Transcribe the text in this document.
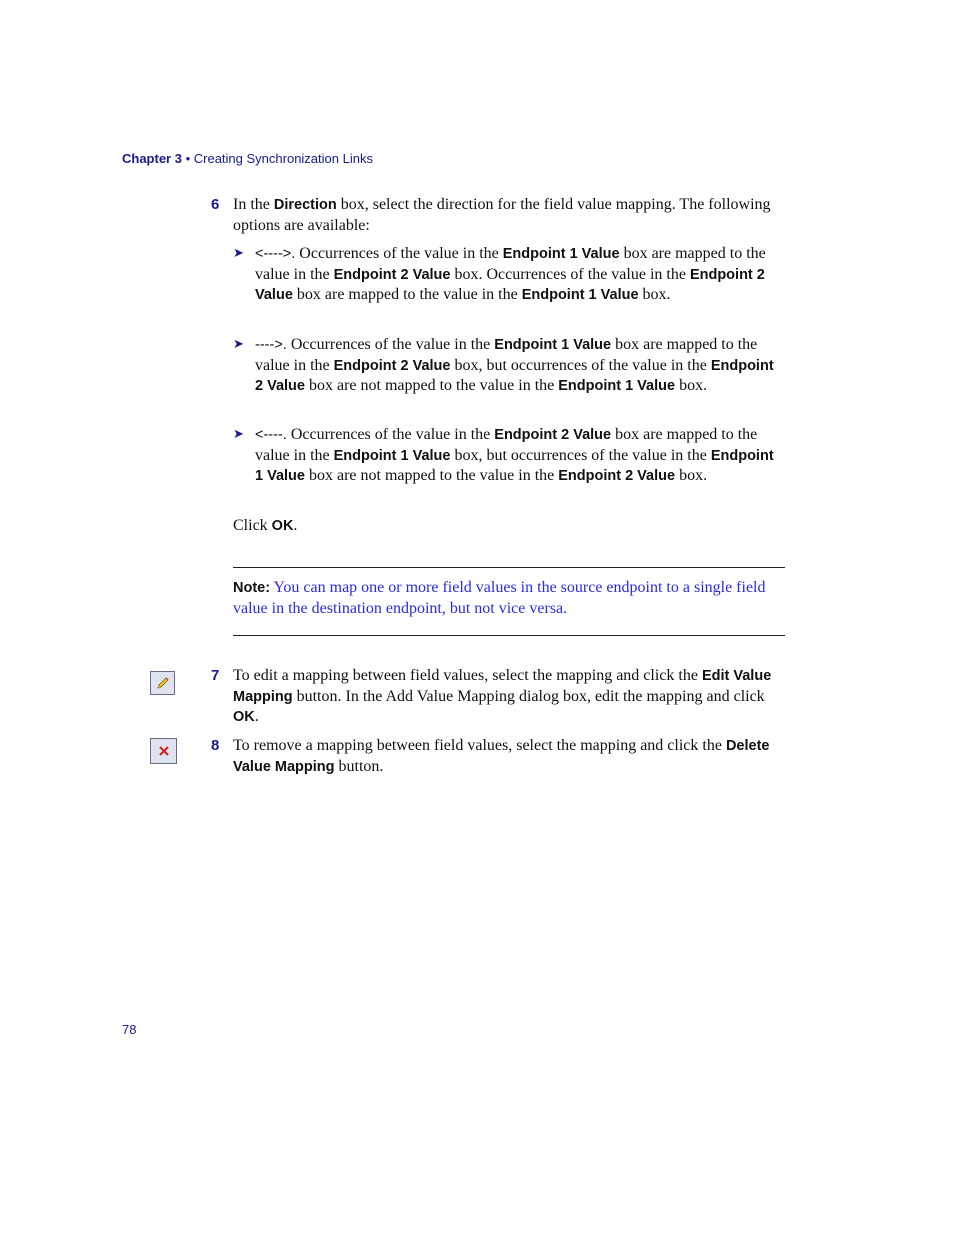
Chapter 3 • Creating Synchronization Links
6 In the Direction box, select the direction for the field value mapping. The following options are available:
➤ <---->. Occurrences of the value in the Endpoint 1 Value box are mapped to the value in the Endpoint 2 Value box. Occurrences of the value in the Endpoint 2 Value box are mapped to the value in the Endpoint 1 Value box.
➤ ---->. Occurrences of the value in the Endpoint 1 Value box are mapped to the value in the Endpoint 2 Value box, but occurrences of the value in the Endpoint 2 Value box are not mapped to the value in the Endpoint 1 Value box.
➤ <----. Occurrences of the value in the Endpoint 2 Value box are mapped to the value in the Endpoint 1 Value box, but occurrences of the value in the Endpoint 1 Value box are not mapped to the value in the Endpoint 2 Value box.
Click OK.
Note: You can map one or more field values in the source endpoint to a single field value in the destination endpoint, but not vice versa.
7 To edit a mapping between field values, select the mapping and click the Edit Value Mapping button. In the Add Value Mapping dialog box, edit the mapping and click OK.
8 To remove a mapping between field values, select the mapping and click the Delete Value Mapping button.
78
